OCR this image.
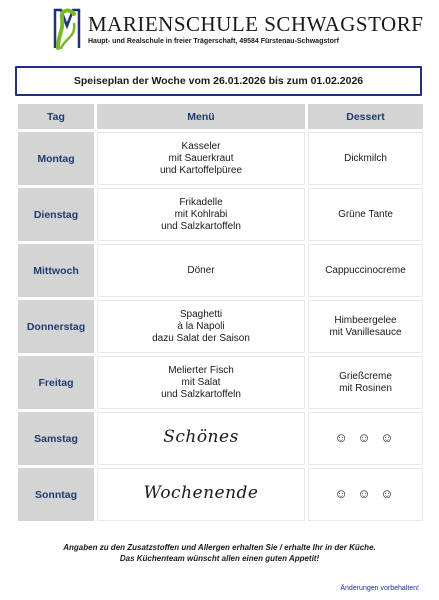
MARIENSCHULE SCHWAGSTORF
Haupt- und Realschule in freier Trägerschaft, 49584 Fürstenau-Schwagstorf
Speiseplan der Woche vom 26.01.2026 bis zum 01.02.2026
Tag	Menü	Dessert
Montag	Kasseler
mit Sauerkraut
und Kartoffelpüree	Dickmilch

Dienstag	Frikadelle
mit Kohlrabi
und Salzkartoffeln	Grüne Tante

Mittwoch	Döner	Cappuccinocreme

Donnerstag	Spaghetti
à la Napoli
dazu Salat der Saison	Himbeergelee
mit Vanillesauce

Freitag	Melierter Fisch
mit Salat
und Salzkartoffeln	Grießcreme
mit Rosinen

Samstag	Schönes	☺ ☺ ☺
Sonntag	Wochenende	☺ ☺ ☺
Angaben zu den Zusatzstoffen und Allergen erhalten Sie / erhalte Ihr in der Küche.
Das Küchenteam wünscht allen einen guten Appetit!
Änderungen vorbehalten!
